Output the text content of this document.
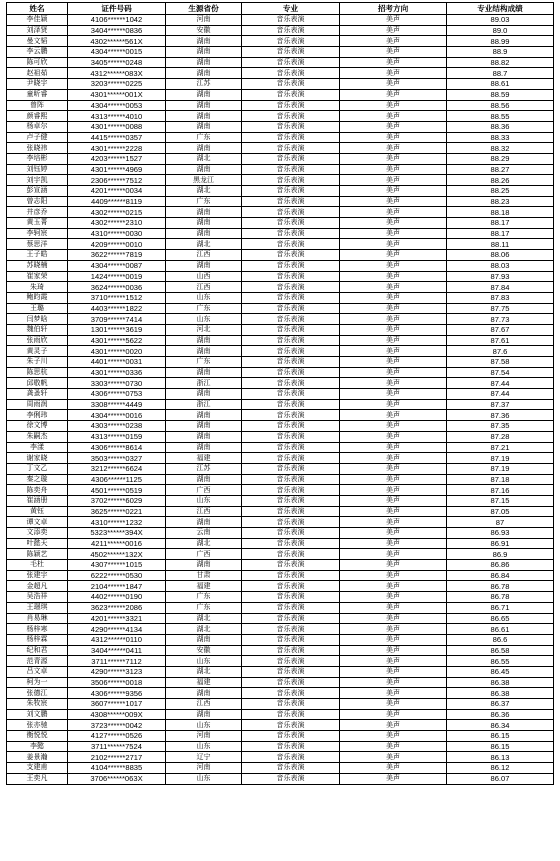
姓名	证件号码	生源省份	专业	招考方向	专业结构成绩
李佳颖	4106******1042	河南	音乐表演	美声	89.03
刘泽贤	3404******0836	安徽	音乐表演	美声	89.0
曼文韬	4302******561X	湖南	音乐表演	美声	88.99
李云鹏	4304******0015	湖南	音乐表演	美声	88.9
陈可欣	3405******0248	湖南	音乐表演	美声	88.82
赵祖茹	4312******083X	湖南	音乐表演	美声	88.7
尹晓宇	3203******0225	江苏	音乐表演	美声	88.61
童昕睿	4301******001X	湖南	音乐表演	美声	88.59
曾阵	4304******0053	湖南	音乐表演	美声	88.56
颜睿熙	4313******4010	湖南	音乐表演	美声	88.55
杨卓尔	4301******0088	湖南	音乐表演	美声	88.36
卢子健	4415******0357	广东	音乐表演	美声	88.33
张晓祎	4301******2228	湖南	音乐表演	美声	88.32
李培彬	4203******1527	湖北	音乐表演	美声	88.29
刘钰婷	4301******4969	湖南	音乐表演	美声	88.27
刘宇凯	2306******7512	黑龙江	音乐表演	美声	88.26
彭宣涵	4201******0034	湖北	音乐表演	美声	88.25
曾志阳	4409******8119	广东	音乐表演	美声	88.23
井彦乔	4302******0215	湖南	音乐表演	美声	88.18
黄玉菁	4302******2310	湖南	音乐表演	美声	88.17
李轲宸	4310******0030	湖南	音乐表演	美声	88.17
蔡思洋	4209******0010	湖北	音乐表演	美声	88.11
王子皓	3622******7819	江西	音乐表演	美声	88.06
苏晓楠	4304******0087	湖南	音乐表演	美声	88.03
崔家荣	1424******0019	山西	音乐表演	美声	87.93
朱琦	3624******0036	江西	音乐表演	美声	87.84
鲍昀霞	3710******1512	山东	音乐表演	美声	87.83
王璐	4403******1822	广东	音乐表演	美声	87.75
闫梦晗	3709******7414	山东	音乐表演	美声	87.73
魏伯轩	1301******3619	河北	音乐表演	美声	87.67
张雨欣	4301******5622	湖南	音乐表演	美声	87.61
黄灵子	4301******0020	湖南	音乐表演	美声	87.6
朱子川	4401******0031	广东	音乐表演	美声	87.58
陈思杭	4301******0336	湖南	音乐表演	美声	87.54
邱敬帆	3303******0730	浙江	音乐表演	美声	87.44
龚蚤轩	4306******0753	湖南	音乐表演	美声	87.44
周雨润	3308******4449	浙江	音乐表演	美声	87.37
李俐玮	4304******0016	湖南	音乐表演	美声	87.36
徐文博	4303******0238	湖南	音乐表演	美声	87.35
朱嗣杰	4313******0159	湖南	音乐表演	美声	87.28
李漾	4306******8614	湖南	音乐表演	美声	87.21
谢家晓	3503******0327	福建	音乐表演	美声	87.19
丁文乙	3212******6624	江苏	音乐表演	美声	87.19
秦之璇	4306******1125	湖南	音乐表演	美声	87.18
陈奕舟	4501******0519	广西	音乐表演	美声	87.16
崔涵册	3702******6029	山东	音乐表演	美声	87.15
黄钰	3625******0221	江西	音乐表演	美声	87.05
谭文卓	4310******1232	湖南	音乐表演	美声	87
文添奕	5323******394X	云南	音乐表演	美声	86.93
叶懿天	4211******0016	湖北	音乐表演	美声	86.91
陈颖艺	4502******132X	广西	音乐表演	美声	86.9
毛杜	4307******1015	湖南	音乐表演	美声	86.86
张建宇	6222******0530	甘肃	音乐表演	美声	86.84
金超凡	2104******1847	福建	音乐表演	美声	86.78
吴浩祥	4402******0190	广东	音乐表演	美声	86.78
王璟琪	3623******2086	广东	音乐表演	美声	86.71
肖易琳	4201******3321	湖北	音乐表演	美声	86.65
杨梓寒	4290******4134	湖北	音乐表演	美声	86.61
杨梓霖	4312******0110	湖南	音乐表演	美声	86.6
纪和君	3404******0411	安徽	音乐表演	美声	86.58
范青源	3711******7112	山东	音乐表演	美声	86.55
吕文卓	4290******3123	湖北	音乐表演	美声	86.45
柯为一	3506******0018	福建	音乐表演	美声	86.38
张德江	4306******9356	湖南	音乐表演	美声	86.38
朱牧宸	3607******1017	江西	音乐表演	美声	86.37
刘文鹏	4308******009X	湖南	音乐表演	美声	86.36
张亦驰	3723******0042	山东	音乐表演	美声	86.34
衡悦悦	4127******0526	河南	音乐表演	美声	86.15
李懿	3711******7524	山东	音乐表演	美声	86.15
姜景瀚	2102******2717	辽宁	音乐表演	美声	86.13
支建甫	4104******8835	河南	音乐表演	美声	86.12
王奕凡	3706******063X	山东	音乐表演	美声	86.07
